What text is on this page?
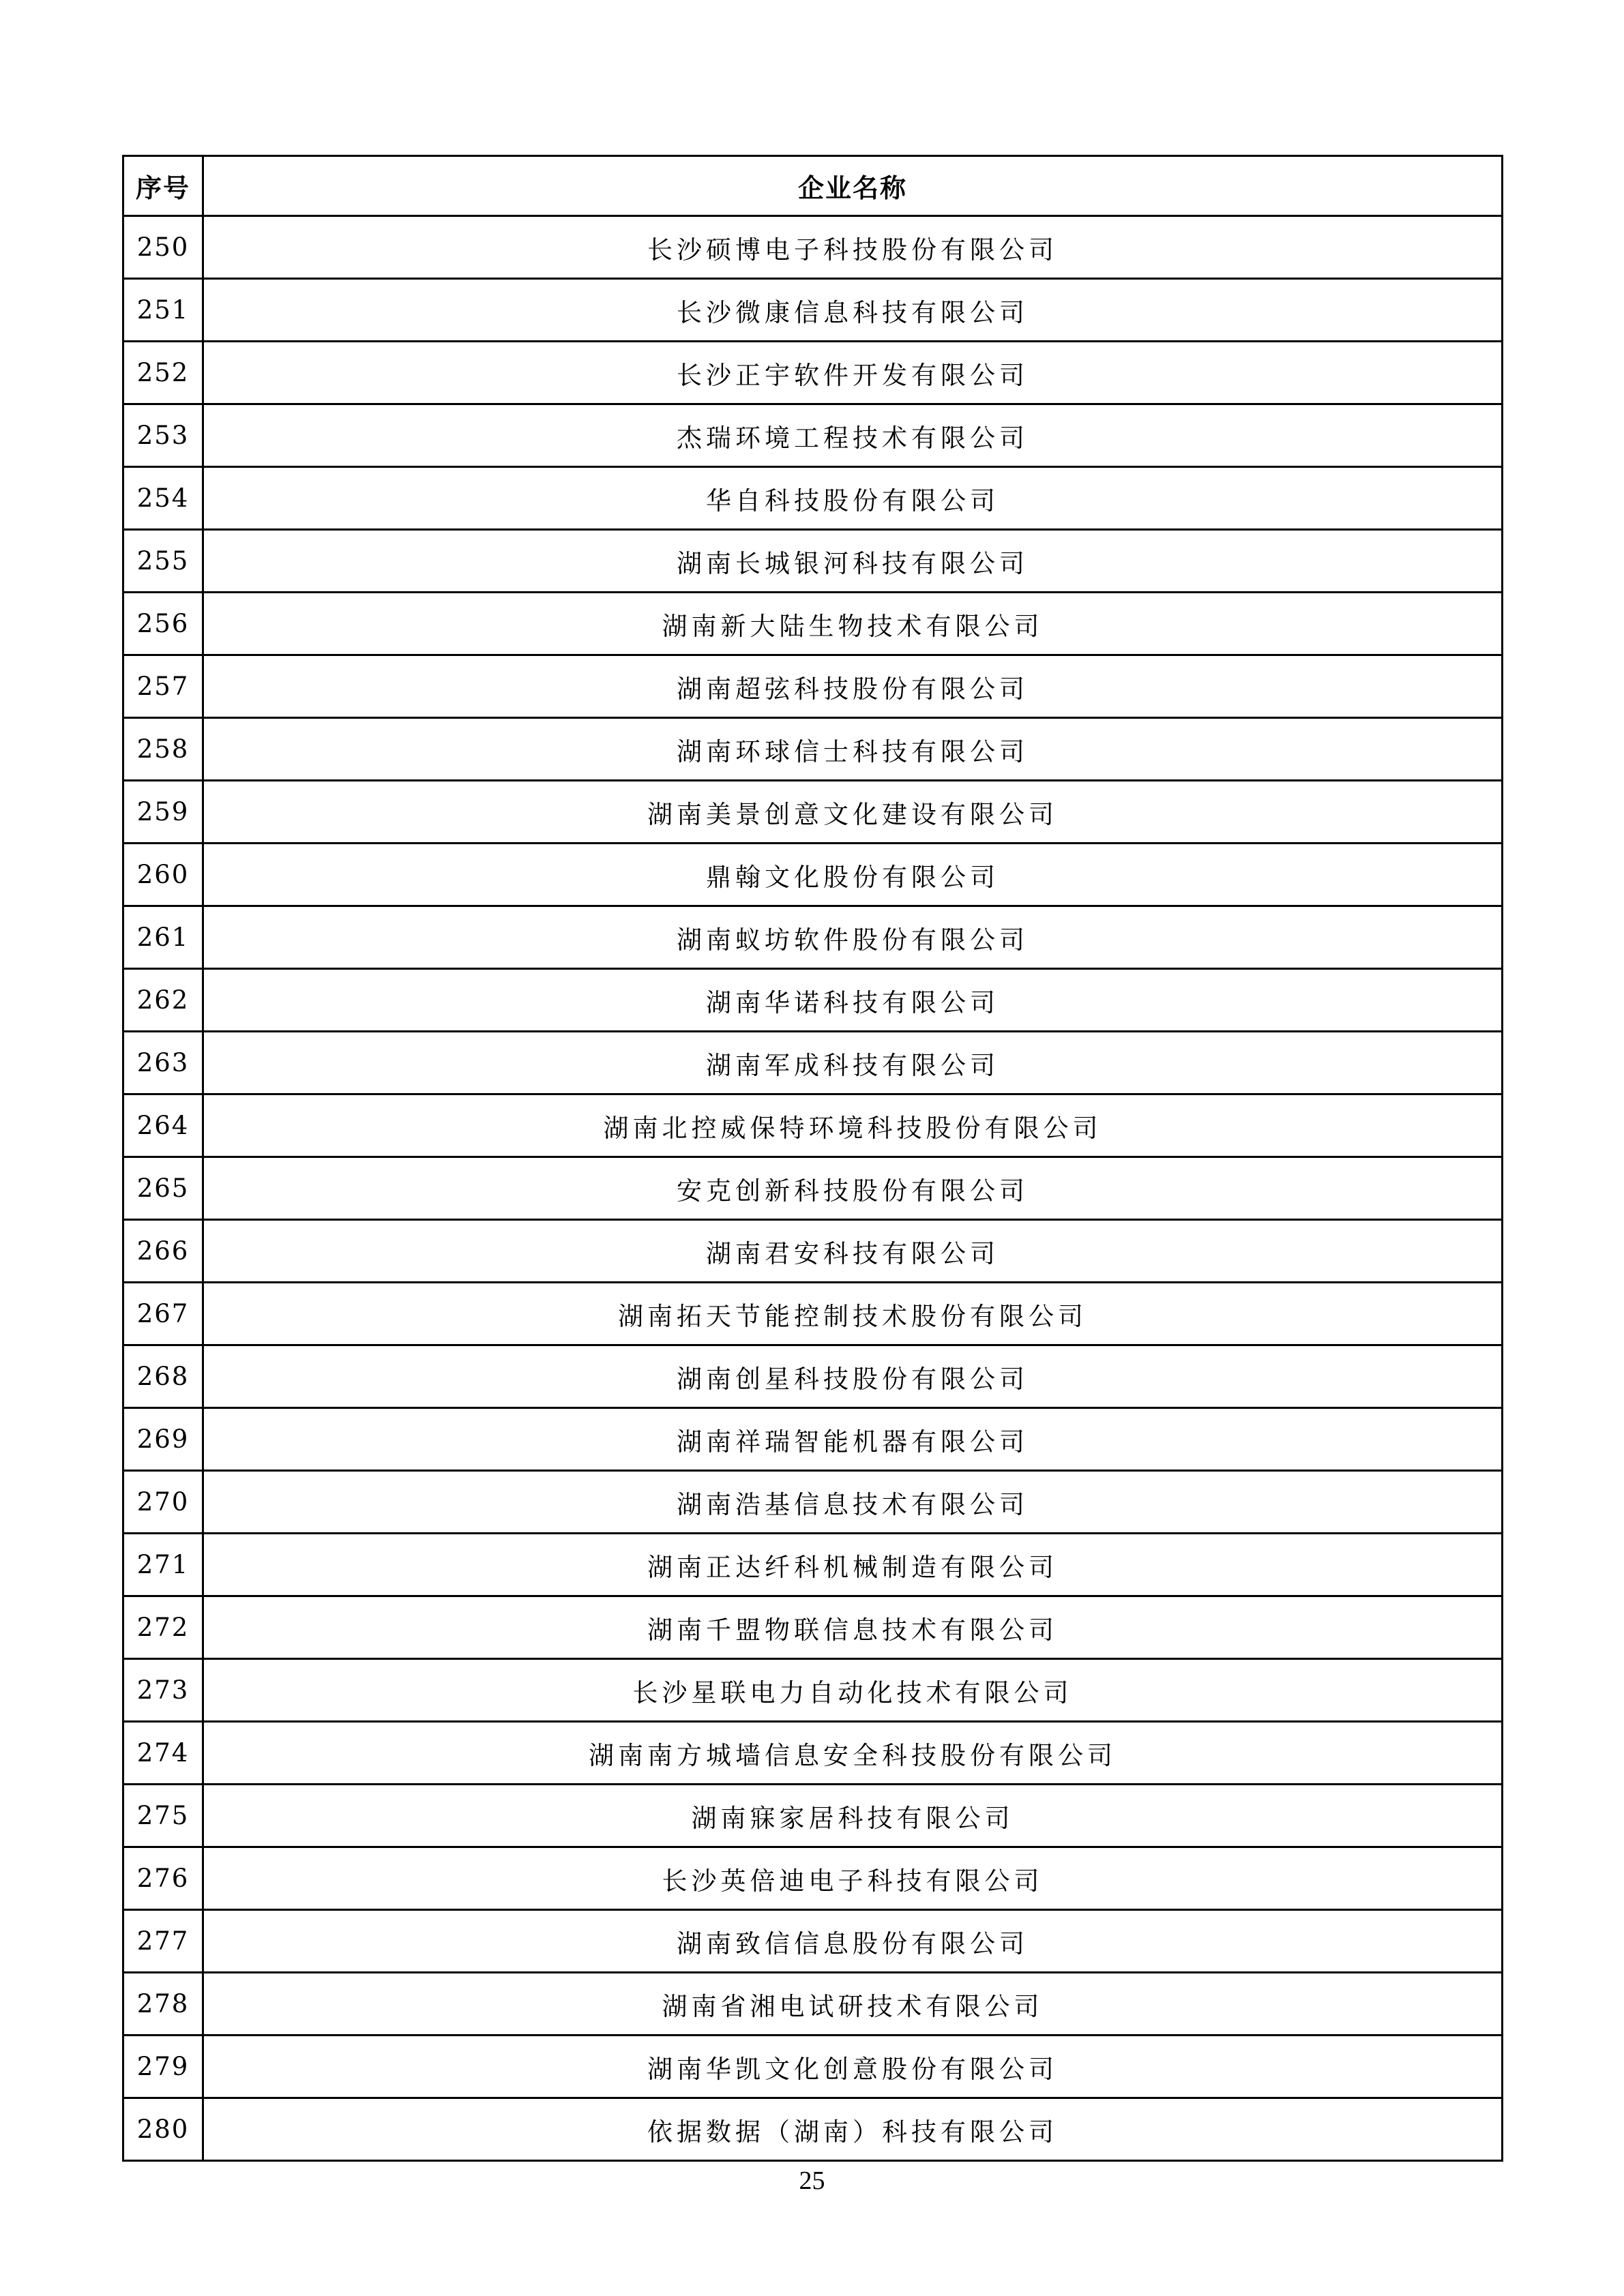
序号	企业名称
250	长沙硕博电子科技股份有限公司
251	长沙微康信息科技有限公司
252	长沙正宇软件开发有限公司
253	杰瑞环境工程技术有限公司
254	华自科技股份有限公司
255	湖南长城银河科技有限公司
256	湖南新大陆生物技术有限公司
257	湖南超弦科技股份有限公司
258	湖南环球信士科技有限公司
259	湖南美景创意文化建设有限公司
260	鼎翰文化股份有限公司
261	湖南蚁坊软件股份有限公司
262	湖南华诺科技有限公司
263	湖南军成科技有限公司
264	湖南北控威保特环境科技股份有限公司
265	安克创新科技股份有限公司
266	湖南君安科技有限公司
267	湖南拓天节能控制技术股份有限公司
268	湖南创星科技股份有限公司
269	湖南祥瑞智能机器有限公司
270	湖南浩基信息技术有限公司
271	湖南正达纤科机械制造有限公司
272	湖南千盟物联信息技术有限公司
273	长沙星联电力自动化技术有限公司
274	湖南南方城墙信息安全科技股份有限公司
275	湖南寐家居科技有限公司
276	长沙英倍迪电子科技有限公司
277	湖南致信信息股份有限公司
278	湖南省湘电试研技术有限公司
279	湖南华凯文化创意股份有限公司
280	依据数据（湖南）科技有限公司
25
